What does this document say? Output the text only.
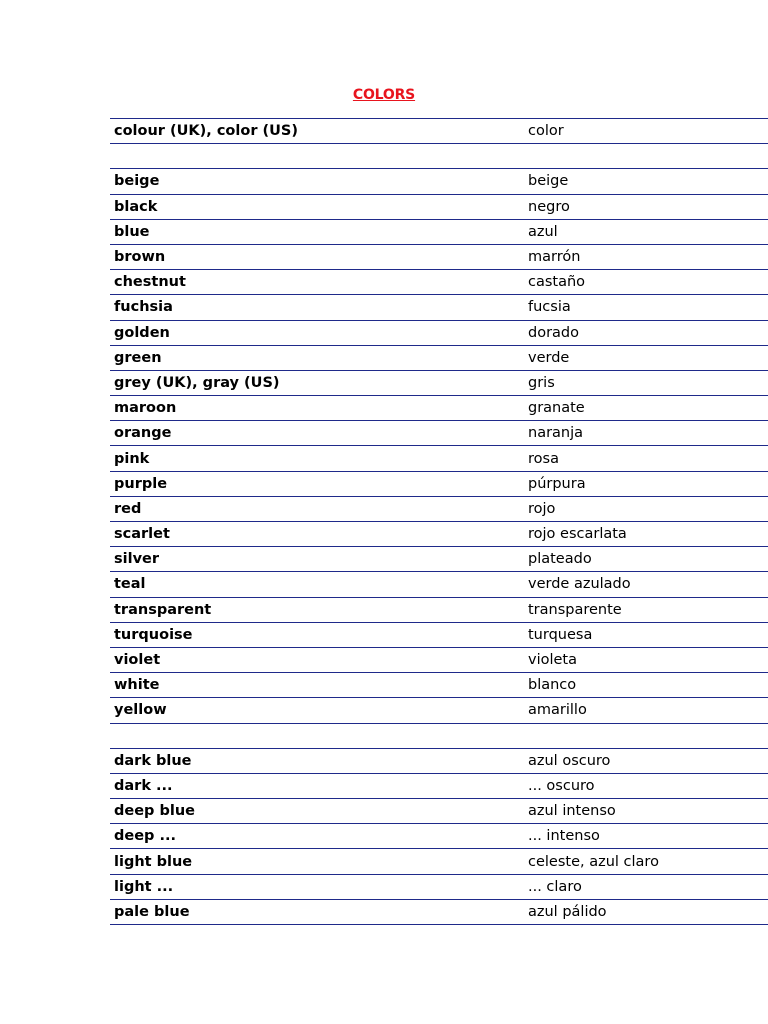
COLORS
colour (UK), color (US)	color
beige	beige
black	negro
blue	azul
brown	marrón
chestnut	castaño
fuchsia	fucsia
golden	dorado
green	verde
grey (UK), gray (US)	gris
maroon	granate
orange	naranja
pink	rosa
purple	púrpura
red	rojo
scarlet	rojo escarlata
silver	plateado
teal	verde azulado
transparent	transparente
turquoise	turquesa
violet	violeta
white	blanco
yellow	amarillo
dark blue	azul oscuro
dark ...	... oscuro
deep blue	azul intenso
deep ...	... intenso
light blue	celeste, azul claro
light ...	... claro
pale blue	azul pálido
